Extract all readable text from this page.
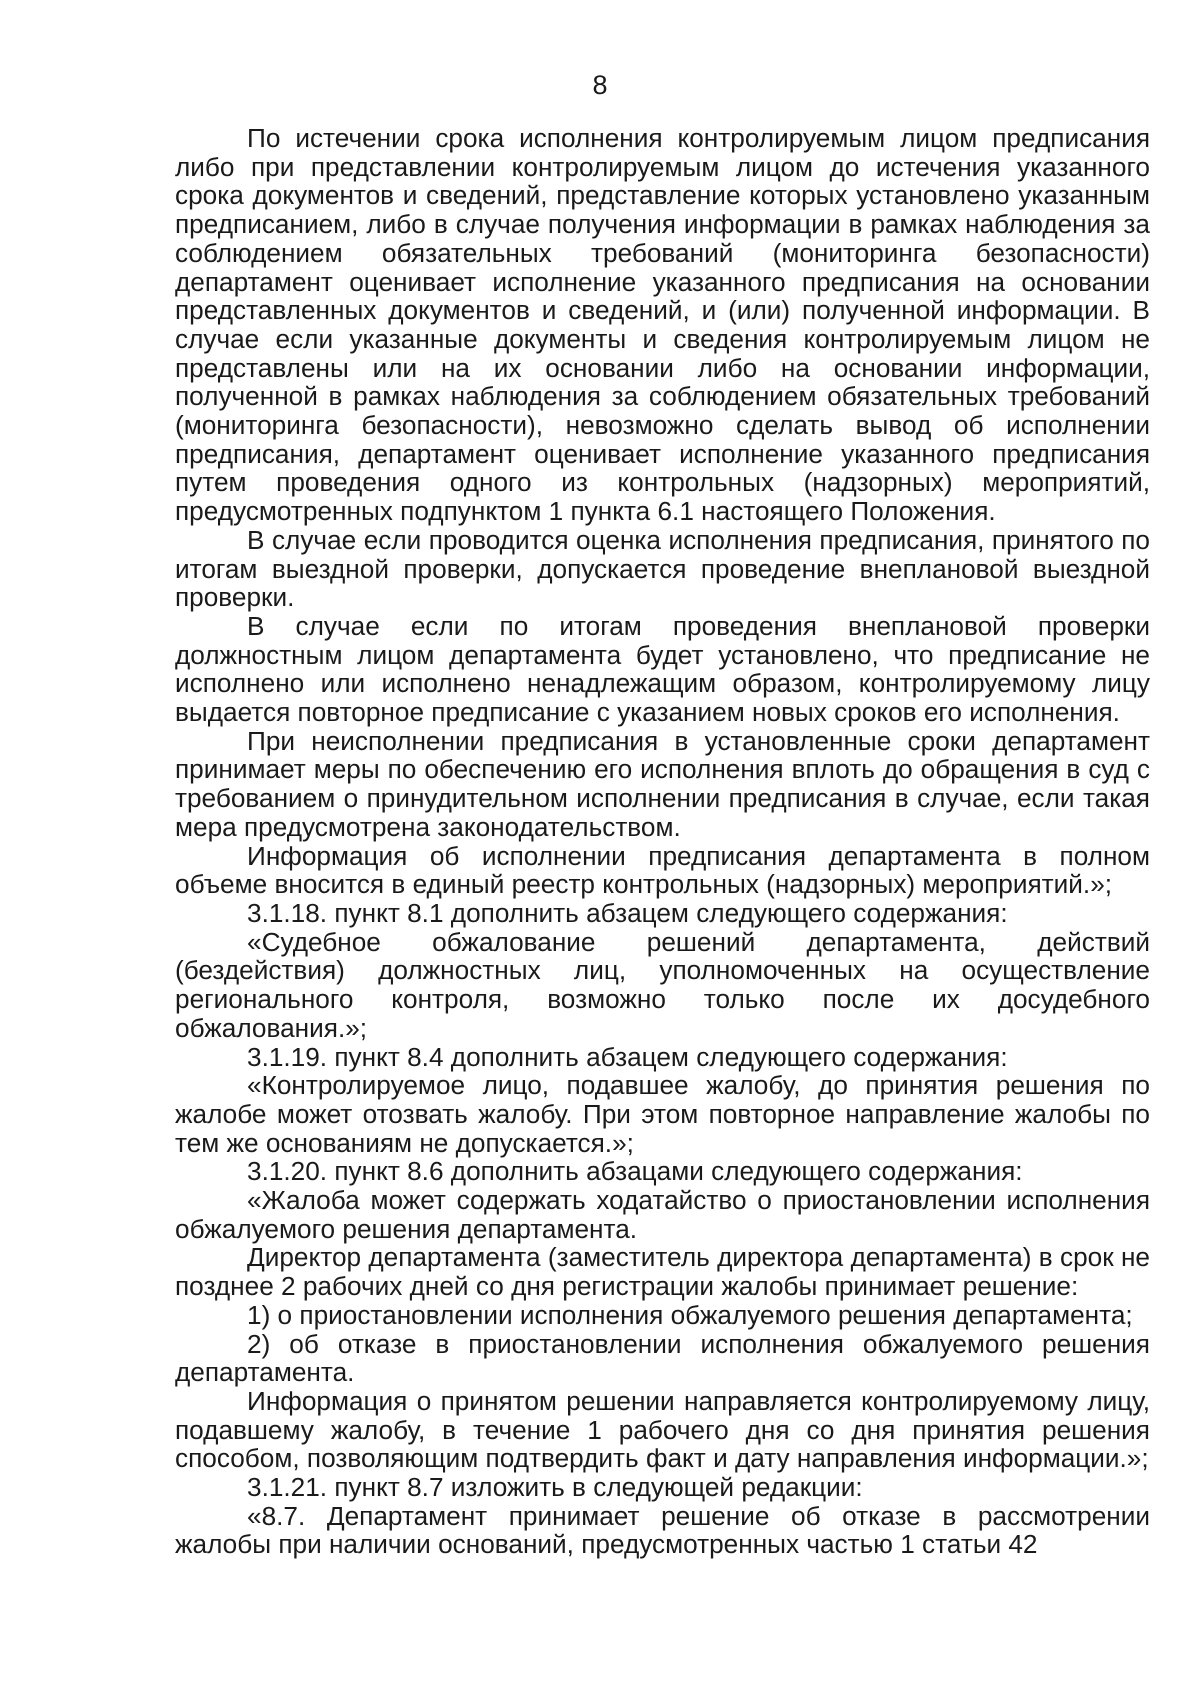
8

По истечении срока исполнения контролируемым лицом предписания либо при представлении контролируемым лицом до истечения указанного срока документов и сведений, представление которых установлено указанным предписанием, либо в случае получения информации в рамках наблюдения за соблюдением обязательных требований (мониторинга безопасности) департамент оценивает исполнение указанного предписания на основании представленных документов и сведений, и (или) полученной информации. В случае если указанные документы и сведения контролируемым лицом не представлены или на их основании либо на основании информации, полученной в рамках наблюдения за соблюдением обязательных требований (мониторинга безопасности), невозможно сделать вывод об исполнении предписания, департамент оценивает исполнение указанного предписания путем проведения одного из контрольных (надзорных) мероприятий, предусмотренных подпунктом 1 пункта 6.1 настоящего Положения.

В случае если проводится оценка исполнения предписания, принятого по итогам выездной проверки, допускается проведение внеплановой выездной проверки.

В случае если по итогам проведения внеплановой проверки должностным лицом департамента будет установлено, что предписание не исполнено или исполнено ненадлежащим образом, контролируемому лицу выдается повторное предписание с указанием новых сроков его исполнения.

При неисполнении предписания в установленные сроки департамент принимает меры по обеспечению его исполнения вплоть до обращения в суд с требованием о принудительном исполнении предписания в случае, если такая мера предусмотрена законодательством.

Информация об исполнении предписания департамента в полном объеме вносится в единый реестр контрольных (надзорных) мероприятий.»;

3.1.18. пункт 8.1 дополнить абзацем следующего содержания:

«Судебное обжалование решений департамента, действий (бездействия) должностных лиц, уполномоченных на осуществление регионального контроля, возможно только после их досудебного обжалования.»;

3.1.19. пункт 8.4 дополнить абзацем следующего содержания:

«Контролируемое лицо, подавшее жалобу, до принятия решения по жалобе может отозвать жалобу. При этом повторное направление жалобы по тем же основаниям не допускается.»;

3.1.20. пункт 8.6 дополнить абзацами следующего содержания:

«Жалоба может содержать ходатайство о приостановлении исполнения обжалуемого решения департамента.

Директор департамента (заместитель директора департамента) в срок не позднее 2 рабочих дней со дня регистрации жалобы принимает решение:

1) о приостановлении исполнения обжалуемого решения департамента;

2) об отказе в приостановлении исполнения обжалуемого решения департамента.

Информация о принятом решении направляется контролируемому лицу, подавшему жалобу, в течение 1 рабочего дня со дня принятия решения способом, позволяющим подтвердить факт и дату направления информации.»;

3.1.21. пункт 8.7 изложить в следующей редакции:

«8.7. Департамент принимает решение об отказе в рассмотрении жалобы при наличии оснований, предусмотренных частью 1 статьи 42
